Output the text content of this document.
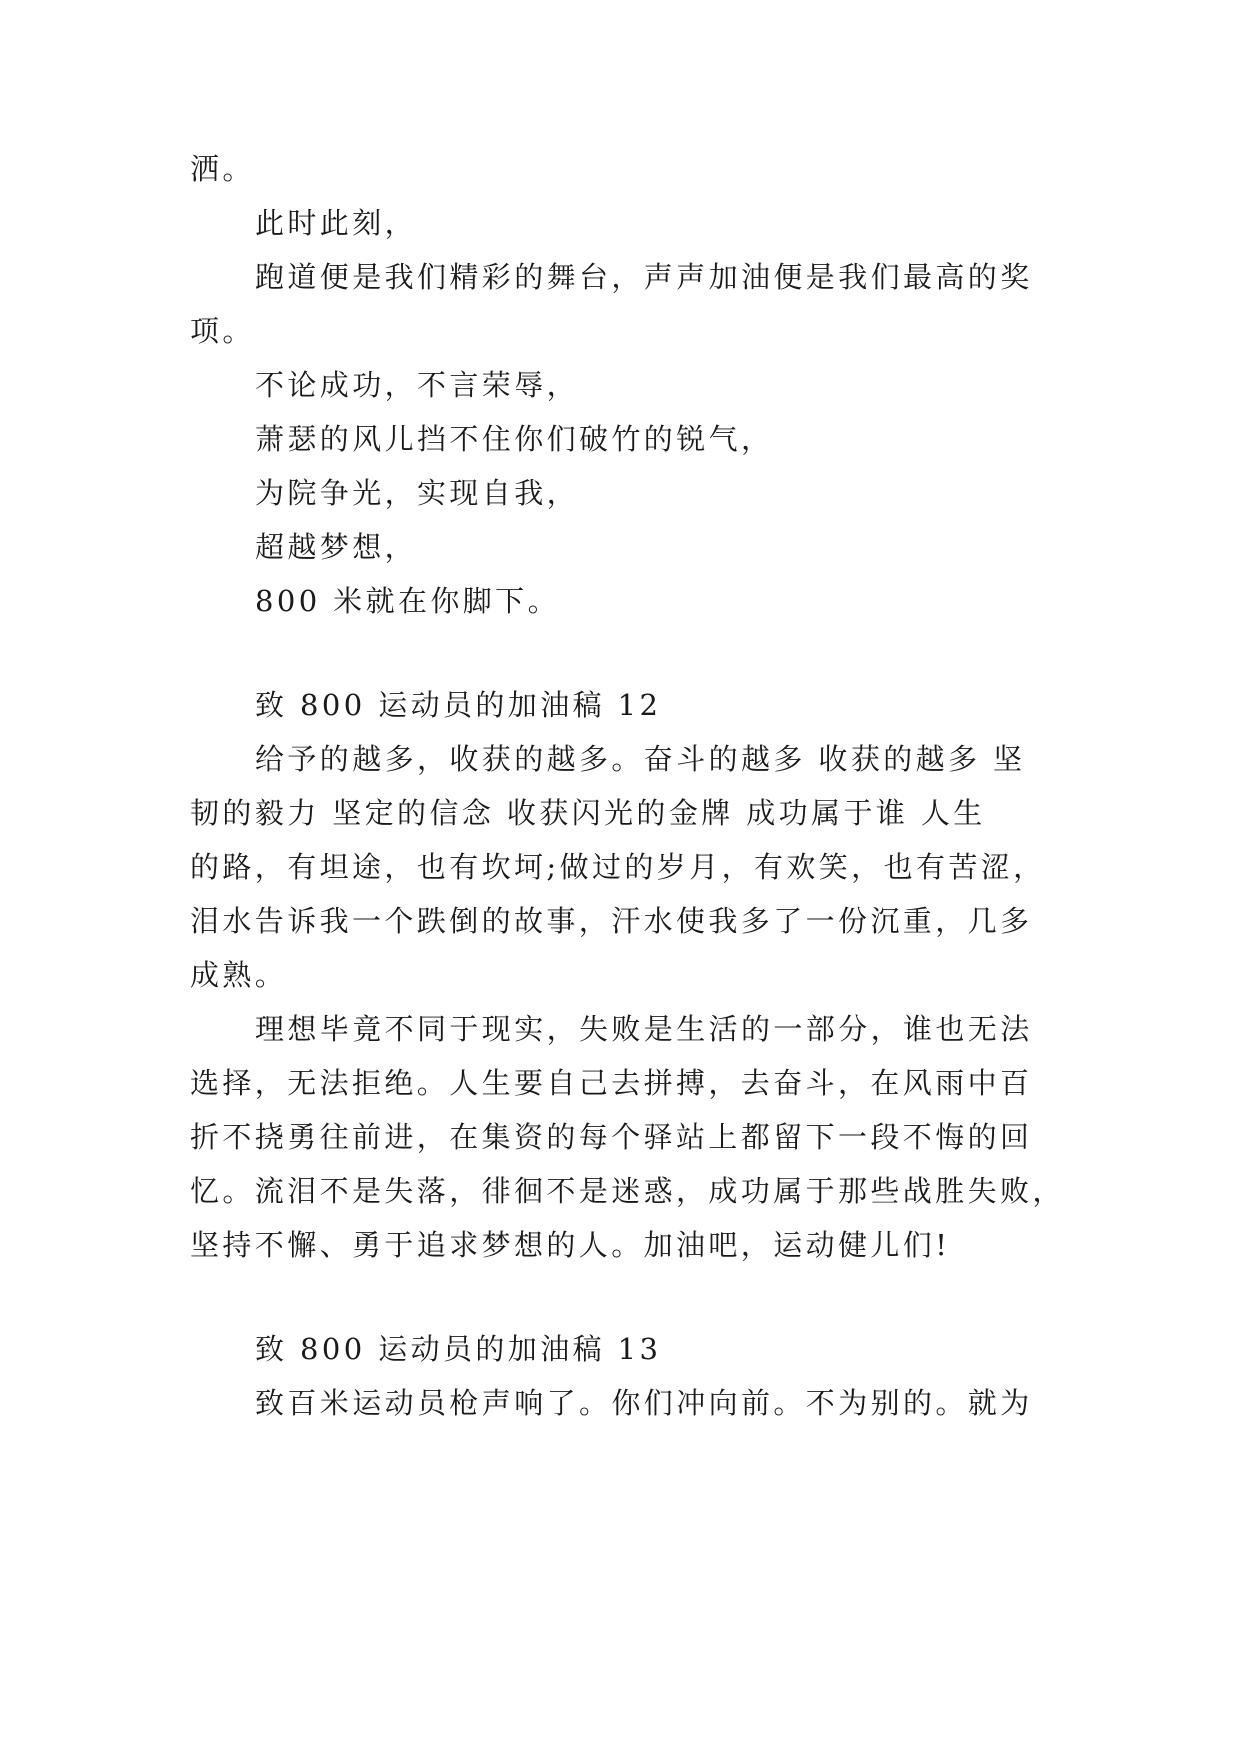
洒。
此时此刻，
跑道便是我们精彩的舞台，声声加油便是我们最高的奖
项。
不论成功，不言荣辱，
萧瑟的风儿挡不住你们破竹的锐气，
为院争光，实现自我，
超越梦想，
800 米就在你脚下。
致 800 运动员的加油稿 12
给予的越多，收获的越多。奋斗的越多 收获的越多 坚
韧的毅力 坚定的信念 收获闪光的金牌 成功属于谁 人生
的路，有坦途，也有坎坷;做过的岁月，有欢笑，也有苦涩，
泪水告诉我一个跌倒的故事，汗水使我多了一份沉重，几多
成熟。
理想毕竟不同于现实，失败是生活的一部分，谁也无法
选择，无法拒绝。人生要自己去拼搏，去奋斗，在风雨中百
折不挠勇往前进，在集资的每个驿站上都留下一段不悔的回
忆。流泪不是失落，徘徊不是迷惑，成功属于那些战胜失败，
坚持不懈、勇于追求梦想的人。加油吧，运动健儿们!
致 800 运动员的加油稿 13
致百米运动员枪声响了。你们冲向前。不为别的。就为
